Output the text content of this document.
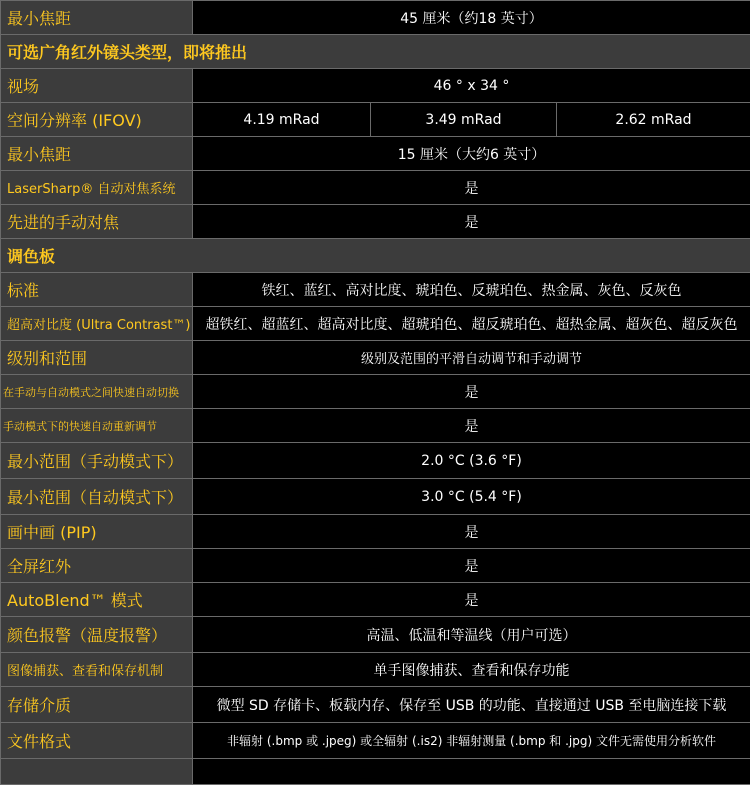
最小焦距	45 厘米（约18 英寸）		
可选广角红外镜头类型，即将推出			
视场	46 ° x 34 °		
空间分辨率 (IFOV)	4.19 mRad	3.49 mRad	2.62 mRad
最小焦距	15 厘米（大约6 英寸）		
LaserSharp® 自动对焦系统	是		
先进的手动对焦	是		
调色板			
标准	铁红、蓝红、高对比度、琥珀色、反琥珀色、热金属、灰色、反灰色		
超高对比度 (Ultra Contrast™)	超铁红、超蓝红、超高对比度、超琥珀色、超反琥珀色、超热金属、超灰色、超反灰色		
级别和范围	级别及范围的平滑自动调节和手动调节		
在手动与自动模式之间快速自动切换	是		
手动模式下的快速自动重新调节	是		
最小范围（手动模式下）	2.0 °C (3.6 °F)		
最小范围（自动模式下）	3.0 °C (5.4 °F)		
画中画 (PIP)	是		
全屏红外	是		
AutoBlend™ 模式	是		
颜色报警（温度报警）	高温、低温和等温线（用户可选）		
图像捕获、查看和保存机制	单手图像捕获、查看和保存功能		
存储介质	微型 SD 存储卡、板载内存、保存至 USB 的功能、直接通过 USB 至电脑连接下载		
文件格式	非辐射 (.bmp 或 .jpeg) 或全辐射 (.is2) 非辐射测量 (.bmp 和 .jpg) 文件无需使用分析软件		
